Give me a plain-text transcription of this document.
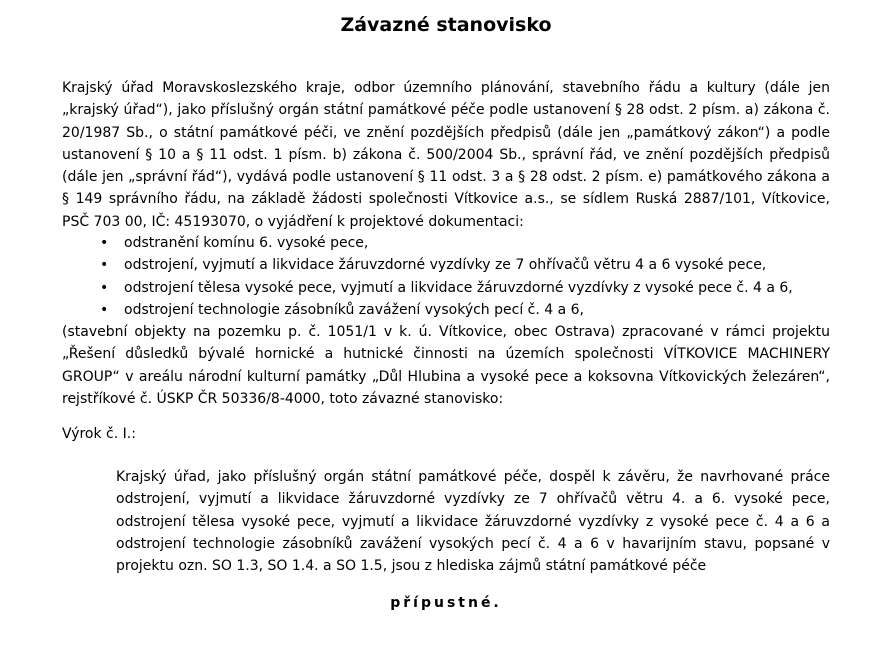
Závazné stanovisko

Krajský úřad Moravskoslezského kraje, odbor územního plánování, stavebního řádu a kultury (dále jen „krajský úřad“), jako příslušný orgán státní památkové péče podle ustanovení § 28 odst. 2 písm. a) zákona č. 20/1987 Sb., o státní památkové péči, ve znění pozdějších předpisů (dále jen „památkový zákon“) a podle ustanovení § 10 a § 11 odst. 1 písm. b) zákona č. 500/2004 Sb., správní řád, ve znění pozdějších předpisů (dále jen „správní řád“), vydává podle ustanovení § 11 odst. 3 a § 28 odst. 2 písm. e) památkového zákona a § 149 správního řádu, na základě žádosti společnosti Vítkovice a.s., se sídlem Ruská 2887/101, Vítkovice, PSČ 703 00, IČ: 45193070, o vyjádření k projektové dokumentaci:

• odstranění komínu 6. vysoké pece,
• odstrojení, vyjmutí a likvidace žáruvzdorné vyzdívky ze 7 ohřívačů větru 4 a 6 vysoké pece,
• odstrojení tělesa vysoké pece, vyjmutí a likvidace žáruvzdorné vyzdívky z vysoké pece č. 4 a 6,
• odstrojení technologie zásobníků zavážení vysokých pecí č. 4 a 6,

(stavební objekty na pozemku p. č. 1051/1 v k. ú. Vítkovice, obec Ostrava) zpracované v rámci projektu „Řešení důsledků bývalé hornické a hutnické činnosti na územích společnosti VÍTKOVICE MACHINERY GROUP“ v areálu národní kulturní památky „Důl Hlubina a vysoké pece a koksovna Vítkovických železáren“, rejstříkové č. ÚSKP ČR 50336/8-4000, toto závazné stanovisko:

Výrok č. I.:

Krajský úřad, jako příslušný orgán státní památkové péče, dospěl k závěru, že navrhované práce odstrojení, vyjmutí a likvidace žáruvzdorné vyzdívky ze 7 ohřívačů větru 4. a 6. vysoké pece, odstrojení tělesa vysoké pece, vyjmutí a likvidace žáruvzdorné vyzdívky z vysoké pece č. 4 a 6 a odstrojení technologie zásobníků zavážení vysokých pecí č. 4 a 6 v havarijním stavu, popsané v projektu ozn. SO 1.3, SO 1.4. a SO 1.5, jsou z hlediska zájmů státní památkové péče

přípustné.
